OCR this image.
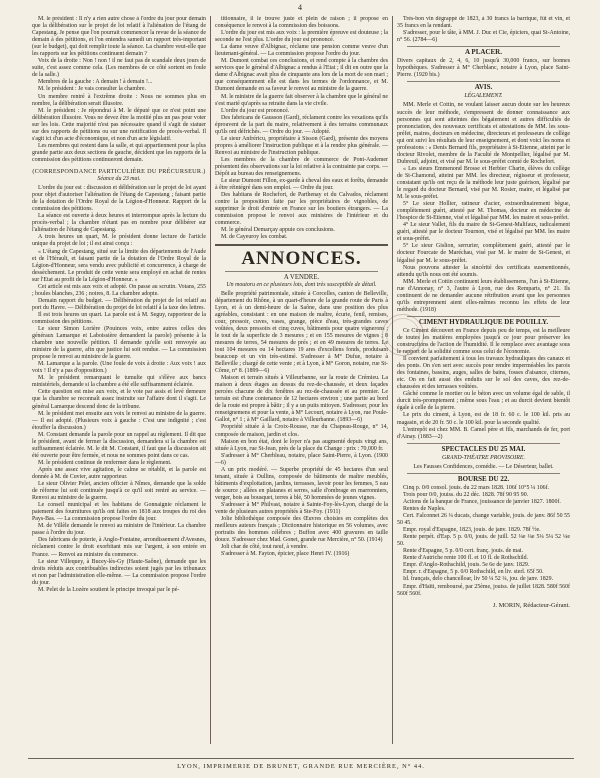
4

M. le président : Il n'y a rien autre chose à l'ordre du jour pour demain que la délibération sur le projet de loi relatif à l'aliénation de l'étang de Capestang. Je pense que l'on pourrait commencer la revue de la séance de demain à des pétitions, et l'on entendra samedi un rapport très-important (sur le budget), qui doit remplir toute la séance. La chambre veut-elle que les rapports sur les pétitions continuent demain ?

Voix de la droite : Non ! non ! il ne faut pas de scandale deux jours de suite, c'est assez comme cela. (Les membres de ce côté sortent en foule de la salle.)

Membres de la gauche : A demain ! à demain !...

M. le président : Je vais consulter la chambre.

Un membre rentré à l'extrême droite : Nous ne sommes plus en nombre, la délibération serait illusoire.

M. le président : Je répondrai à M. le député que ce n'est point une délibération illusoire. Vous ne devez être la moitié plus un pas pour voter sur les lois. Cette majorité n'est pas nécessaire quand il s'agit de statuer sur des rapports de pétitions ou sur une notification de procès-verbal. Il s'agit ici d'un acte d'économique, et non d'un acte législatif.

Les membres qui restent dans la salle, et qui appartiennent pour la plus grande partie aux deux sections de gauche, décident que les rapports de la commission des pétitions continueront demain.

(CORRESPONDANCE PARTICULIÈRE DU PRÉCURSEUR.)
Séance du 23 mai.

L'ordre du jour est : discussion et délibération sur le projet de loi ayant pour objet d'autoriser l'aliénation de l'étang de Capestang ; faisant partie de la dotation de l'Ordre Royal de la Légion-d'Honneur. Rapport de la commission des pétitions.

La séance est ouverte à deux heures et interrompue après la lecture du procès-verbal ; la chambre n'étant pas en nombre pour délibérer sur l'aliénation de l'étang de Capestang.

A trois heures un quart, M. le président donne lecture de l'article unique du projet de loi ; il est ainsi conçu :

« L'étang de Capestang, situé sur la limite des départements de l'Aude et de l'Hérault, et faisant partie de la dotation de l'Ordre Royal de la Légion-d'Honneur, sera vendu avec publicité et concurrence, à charge de dessèchement. Le produit de cette vente sera employé en achat de rentes sur l'Etat au profit de la Légion-d'Honneur. »

Cet article est mis aux voix et adopté. On passe au scrutin. Votans, 255 ; boules blanches, 236 ; noires, 8. La chambre adopte.

Demain rapport du budget. — Délibération du projet de loi relatif au port du Havre. — Délibération du projet de loi relatif à la taxe des lettres.

Il est trois heures un quart. La parole est à M. Seguy, rapporteur de la commission des pétitions.

Le sieur Simon Lorière (Pouinces voix, entre autres celles des généraux Lamarque et Laboissière demandent la parole) présente à la chambre une nouvelle pétition. Il demande qu'elle soit renvoyée au ministre de la guerre, afin que justice lui soit rendue. — La commission propose le renvoi au ministre de la guerre.

M. Lamarque a la parole. (Une foule de voix à droite : Aux voix ! aux voix ! Il n'y a pas d'opposition.)

M. le président remarquant le tumulte qui s'élève aux bancs ministériels, demande si la chambre a été elle suffisamment éclairée.

Cette question est mise aux voix, et le vote par assis et levé demeure que la chambre se reconnaît assez instruite sur l'affaire dont il s'agit. Le général Lamarque descend donc de la tribune.

M. le président met ensuite aux voix le renvoi au ministre de la guerre. — Il est adopté. (Plusieurs voix à gauche : C'est une indignité ; c'est étouffer la discussion.)

M. Constant demande la parole pour un rappel au règlement. Il dit que le président, avant de fermer la discussion, demandera si la chambre est suffisamment éclairée. M. le dit M. Constant, il faut que la discussion ait été ouverte pour être fermée, et nous ne sommes point dans ce cas.

M. le président continue de renfermer dans le règlement.

Après une assez vive agitation, le calme se rétablit, et la parole est donnée à M. de Cuvier, autre rapporteur.

Le sieur Olivier Pelet, ancien officier à Nîmes, demande que la solde de réforme lui soit continuée jusqu'à ce qu'il soit rentré au service. — Renvoi au ministre de la guerre.

Le conseil municipal et les habitans de Gonnaignie réclament le paiement des fournitures qu'ils ont faites en 1818 aux troupes du roi des Pays-Bas. — La commission propose l'ordre du jour.

M. de Villèle demande le renvoi au ministre de l'intérieur. La chambre passe à l'ordre du jour.

Des fabricans de poterie, à Anglo-Fontaine, arrondissement d'Avesnes, réclament contre le droit exorbitant mis sur l'argent, à son entrée en France. — Renvoi au ministre du commerce.

Le sieur Villequey, à Bucey-lès-Gy (Haute-Saône), demande que les droits réduits aux contribuables indirectes soient jugés par les tribunaux et non par l'administration elle-même. — La commission propose l'ordre du jour.

M. Pelet de la Lozère soutient le principe invoqué par le pé-

titionnaire, il le trouve juste et plein de raison ; il propose en conséquence le renvoi à la commission des boissons.

L'ordre du jour est mis aux voix : la première épreuve est douteuse ; la seconde ne l'est plus. L'ordre du jour est prononcé.

La dame veuve d'Albignac, réclame une pension comme veuve d'un lieutenant-général. — La commission propose l'ordre du jour.

M. Dumont combat ces conclusions, et rend compte à la chambre des services que le général d'Albignac a rendus à l'Etat ; il dit en outre que la dame d'Albignac avait plus de cinquante ans lors de la mort de son mari ; que conséquemment elle est dans les termes de l'ordonnance, et M. Dumont demande en sa faveur le renvoi au ministre de la guerre.

M. le ministre de la guerre fait observer à la chambre que le général ne s'est marié qu'après sa retraite dans la vie civile.

L'ordre du jour est prononcé.

Des fabricans de Gausson (Gard), réclament contre les vexations qu'ils éprouvent de la part du maire, relativement à des terrains communaux qu'ils ont défrichés. — Ordre du jour. — Adopté.

Le sieur Anfréricu, propriétaire à Sisson (Gard), présente des moyens propres à améliorer l'instruction publique et à la rendre plus générale. — Renvoi au ministre de l'instruction publique.

Les membres de la chambre de commerce de Pont-Audemer présentent des observations sur la loi relative à la contrainte par corps. — Dépôt au bureau des renseignemens.

Le sieur Dumont Fillon, ex-garde à cheval des eaux et forêts, demande à être réintégré dans son emploi. — Ordre du jour.

Des habitans de Rochefort, de Parthenay et du Calvados, réclament contre la proposition faite par les propriétaires de vignobles, de supprimer le droit d'entrée en France sur les boutiers étrangers. — La commission propose le renvoi aux ministres de l'intérieur et du commerce.

M. le général Demarçay appuie ces conclusions.

M. de Cayeuroy les combat.

ANNONCES.
A VENDRE.
Un moutoru en ce plusieurs lots, dont très susceptible de détail.

Belle propriété patrimoniale, située à Corcelles, canton de Belleville, département du Rhône, à un quart-d'heure de la grande route de Paris à Lyon, et à un demi-heure de la Saône, dans une position des plus agréables, consistant : en une maison de maître, écurie, fenil, remises, cour, pressoir, cuves, vases, grange, pièce d'eau, très-grandes caves voûtées, deux pressoirs et cinq cuves, bâtiments pour quatre vignerons ; le tout de la superficie de 3 mesures ; et en 155 mesures de vignes ; 8 mesures de terres, 54 mesures de prés ; et en 49 mesures de terres. Le tout 104 mesures ou 14 hectares 19 ares d'excellens fonds, produisant beaucoup et un vin très-estimé. S'adresser à M° Dufue, notaire à Belleville ; chargé de cette vente ; et à Lyon, à M° Goron, notaire, rue St-Côme, n° 8. (1899—6)

Maison et terrain situés à Villeurbanne, sur la route de Crémieu. La maison à deux étages au dessus du rez-de-chaussée, et deux façades percées chacune de dix fenêtres au rez-de-chaussée et au premier. Le terrain est d'une contenance de 12 hectares environ ; une partie au bord de la route est propre à bâtir ; il y a un puits mitoyen. S'adresser, pour les renseignemens et pour la vente, à M° Lecourt, notaire à Lyon, rue Poule-Gallot, n° 1 ; à M° Gaillard, notaire à Villeurbanne. (1893—6)

Propriété située à la Croix-Rousse, rue du Chapeau-Rouge, n° 14, composée de maison, jardin et clos.

Maison en bon état, dont le loyer n'a pas augmenté depuis vingt ans, située à Lyon, rue St-Jean, près de la place du Change : prix : 70,000 fr.

S'adresser à M° Cherbleau, notaire, place Saint-Pierre, à Lyon. (1900—6)

A un prix modéré. — Superbe propriété de 45 hectares d'un seul tenant, située à Oullins, composée de bâtiments de maître meublés, bâtiments d'exploitation, jardins, terrasses, lavoir pour les femmes, 5 eau de source ; allées en platanes et serres, salle d'ombrage en marronniers, verger, bois au bousquet, terres à blé, 50 hommées de jeunes vignes.

S'adresser à M° Philvast, notaire à Sainte-Foy-lès-Lyon, chargé de la vente de plusieurs autres propriétés à Ste-Foy. (1911)

Jolie bibliothèque composée des Œuvres choisies en complètes des meilleurs auteurs français ; Dictionnaire historique en 56 volumes, avec portraits des hommes célèbres ; Buffon avec 400 gravures en taille douce. S'adresser chez Mad. Gonet, grande rue Mercière, n° 50. (1914)

Joli char de côté, tout neuf, à vendre.

S'adresser à M. Fayton, épicier, place Henri IV. (1916)

Très-bon vin dégrappé de 1823, à 30 francs la barrique, fût et vin, et 35 francs en la rendant.

S'adresser, pour le tâte, à MM. J. Duc et Cie, épiciers, quai St-Antoine, n° 56. (2784—6)

A PLACER.

Divers capitaux de 2, 4, 6, 10 jusqu'à 30,000 francs, sur bonnes hypothèques. S'adresser à M° Cherblanc, notaire à Lyon, place Saint-Pierre. (1920 bis.)

AVIS.
LÉGALEMENT.

MM. Merle et Cottin, ne voulant laisser aucun doute sur les heureux succès de leur méthode, s'empressent de donner connaissance aux personnes qui sont atteintes des bégaiement et autres difficultés de prononciation, des nouveaux certificats et attestations de MM. les sous-préfet, maires, docteurs en médecine, directeurs et professeurs de collège qui ont suivi les résultats de leur enseignement, et dont voici les noms et professions : « Denis Bernard fils, propriétaire à St-Etienne, atteint par le docteur Rivolet, membre de la Faculté de Montpellier, légalisé par M. Dubreuil, adjoint, et visé par M. le sous-préfet comté de Rochefort.

« Les sieurs Emmenond Brosse et Herbier Charin, élèves du collège de St-Chamond, atteint par MM. les directeur, régisseur et professeur, constatant qu'ils ont reçu de la méthode leur juste guérison, légalisé par le regard du docteur Bernard, visé par M. Rosier, maire, et légalisé par M. le sous-préfet.

5° Le sieur Hollier, ratineur d'acier, extraordinairement bègue, complètement guéri, attesté par M. Thomas, docteur en médecine de l'hospice de St-Etienne, visé et légalisé par MM. les maire et sous-préfet.

4° Le sieur Vallet, fils du maire de St-Genest-Malifaux, radicalement guéri, attesté par le docteur Tournon, visé et légalisé par MM. les maire et sous-préfet.

5° Le sieur Gislion, serrurier, complètement guéri, attesté par le docteur Fourcate de Maréchau, visé par M. le maire de St-Genest, et légalisé par M. le sous-préfet.

Nous pouvons attester la sincérité des certificats susmentionnés, attendu qu'ils nous ont été soumis.

MM. Merle et Cottin continuent leurs établissemens, l'un à St-Etienne, rue d'Annonay, n° 3, l'autre à Lyon, rue des Remparts, n° 21. Ils continuent de ne demander aucune rétribution avant que les personnes qu'ils entreprennent aient elles-mêmes reconnu les effets de leur méthode. (1918)

CIMENT HYDRAULIQUE DE POUILLY.

Ce Ciment découvert en France depuis peu de temps, est la meilleure de toutes les matières employées jusqu'à ce jour pour préserver les constructions de l'action de l'humidité. Il le remplace avec avantage sous le rapport de la solidité comme sous celui de l'économie.

Il convient parfaitement à tous les travaux hydrauliques des canaux et des ponts. On s'en sert avec succès pour rendre imperméables les parois des fontaines, bassins, auges, salles de bains, fosses d'aisance, citernes, etc. On en fait aussi des enduits sur le sol des caves, des rez-de-chaussées et des terrasses voûtées.

Gâché comme le mortier ou le béton avec un volume égal de sable, il durcit très-promptement ; même sous l'eau ; et au durcit devient bientôt égale à celle de la pierre.

Le prix du ciment, à Lyon, est de 18 fr. 60 c. le 100 kil. pris au magasin, et de 20 fr. 50 c. le 100 kil. pour la seconde qualité.

L'entrepôt est chez MM. B. Camel père et fils, marchands de fer, port d'Ainay. (1883—2)

SPECTACLES DU 25 MAI.
GRAND-THÉATRE PROVISOIRE.

Les Fausses Confidences, comédie. — Le Déserteur, ballet.

BOURSE DU 22.

Cinq p. 0/0 consol. jouis. du 22 mars 1828. 106f 10°5 ¼ 106f.

Trois pour 0/0, jouiss. du 22 déc. 1828. 78f 90 95 90.

Actions de la banque de France, jouissance de janvier 1827. 1800f.

Rentes de Naples.

Cert. Falconnet 26 ¼ ducats, change variable, jouis. de janv. 86f 50 55 50 45.

Empr. royal d'Espagne, 1823, jouis. de janv. 1829. 78f ½e.

Rente perpét. d'Esp. 5 p. 0/0, jouis. de juill. 52 ¼e ¼e 5¼ 5¼ 52 ¼e 50.

Rente d'Espagne, 5 p. 0/0 cert. franç. jouis. de mai.

Rente d'Autriche rente 100 fl. et 10 fl. de Rothschild.

Empr. d'Anglo-Rothschild, jouis. 5e 6e de janv. 1829.

Empr. r. d'Espagne, 5 p. 0/0 Rothschild, en liv. sterl. 65f 50.

Id. français, delo chancelloar, liv 50 ¼ 52 ¼, jou. de janv. 1829.

Empr. d'Haïti, remboursé, par 25ème, jouiss. de juillet 1828. 580f 560f 560f 560f.

J. MORIN, Rédacteur-Gérant.
LYON, IMPRIMERIE DE BRUNET, GRANDE RUE MERCIÈRE, N° 44.
